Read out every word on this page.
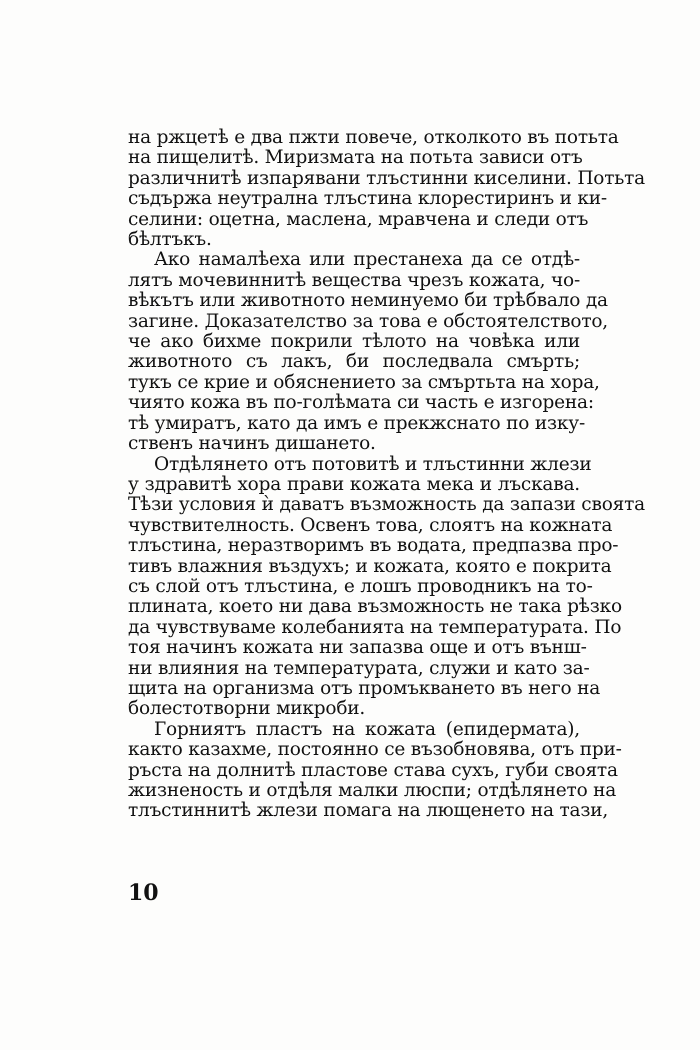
на ржцетѣ е два пжти повече, отколкото въ потьта
на пищелитѣ. Миризмата на потьта зависи отъ
различнитѣ изпарявани тлъстинни киселини. Потьта
съдържа неутрална тлъстина клорестиринъ и ки-
селини: оцетна, маслена, мравчена и следи отъ
бѣлтъкъ.

Ако намалѣеха или престанеха да се отдѣ-
лятъ мочевиннитѣ вещества чрезъ кожата, чо-
вѣкътъ или животното неминуемо би трѣбвало да
загине. Доказателство за това е обстоятелството,
че ако бихме покрили тѣлото на човѣка или
животното съ лакъ, би последвала смърть;
тукъ се крие и обяснението за смъртьта на хора,
чиято кожа въ по-голѣмата си часть е изгорена:
тѣ умиратъ, като да имъ е прекжснато по изку-
ственъ начинъ дишането.

Отдѣлянето отъ потовитѣ и тлъстинни жлези
у здравитѣ хора прави кожата мека и лъскава.
Тѣзи условия ѝ даватъ възможность да запази своята
чувствителность. Освенъ това, слоятъ на кожната
тлъстина, неразтворимъ въ водата, предпазва про-
тивъ влажния въздухъ; и кожата, която е покрита
съ слой отъ тлъстина, е лошъ проводникъ на то-
плината, което ни дава възможность не така рѣзко
да чувствуваме колебанията на температурата. По
тоя начинъ кожата ни запазва още и отъ външ-
ни влияния на температурата, служи и като за-
щита на организма отъ промъкването въ него на
болестотворни микроби.

Горниятъ пластъ на кожата (епидермата),
както казахме, постоянно се възобновява, отъ при-
ръста на долнитѣ пластове става сухъ, губи своята
жизненость и отдѣля малки люспи; отдѣлянето на
тлъстиннитѣ жлези помага на лющенето на тази,

10
